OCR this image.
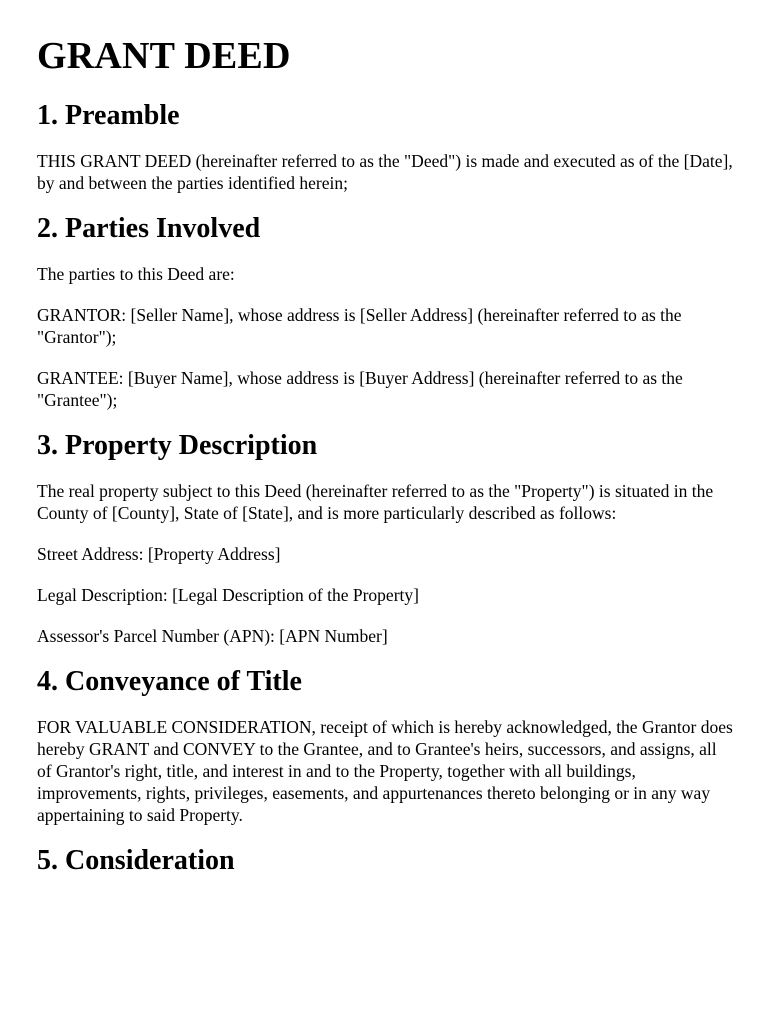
GRANT DEED
1. Preamble

THIS GRANT DEED (hereinafter referred to as the "Deed") is made and executed as of the [Date], by and between the parties identified herein;

2. Parties Involved

The parties to this Deed are:

GRANTOR: [Seller Name], whose address is [Seller Address] (hereinafter referred to as the "Grantor");

GRANTEE: [Buyer Name], whose address is [Buyer Address] (hereinafter referred to as the "Grantee");

3. Property Description

The real property subject to this Deed (hereinafter referred to as the "Property") is situated in the County of [County], State of [State], and is more particularly described as follows:

Street Address: [Property Address]

Legal Description: [Legal Description of the Property]

Assessor's Parcel Number (APN): [APN Number]

4. Conveyance of Title

FOR VALUABLE CONSIDERATION, receipt of which is hereby acknowledged, the Grantor does hereby GRANT and CONVEY to the Grantee, and to Grantee's heirs, successors, and assigns, all of Grantor's right, title, and interest in and to the Property, together with all buildings, improvements, rights, privileges, easements, and appurtenances thereto belonging or in any way appertaining to said Property.

5. Consideration
